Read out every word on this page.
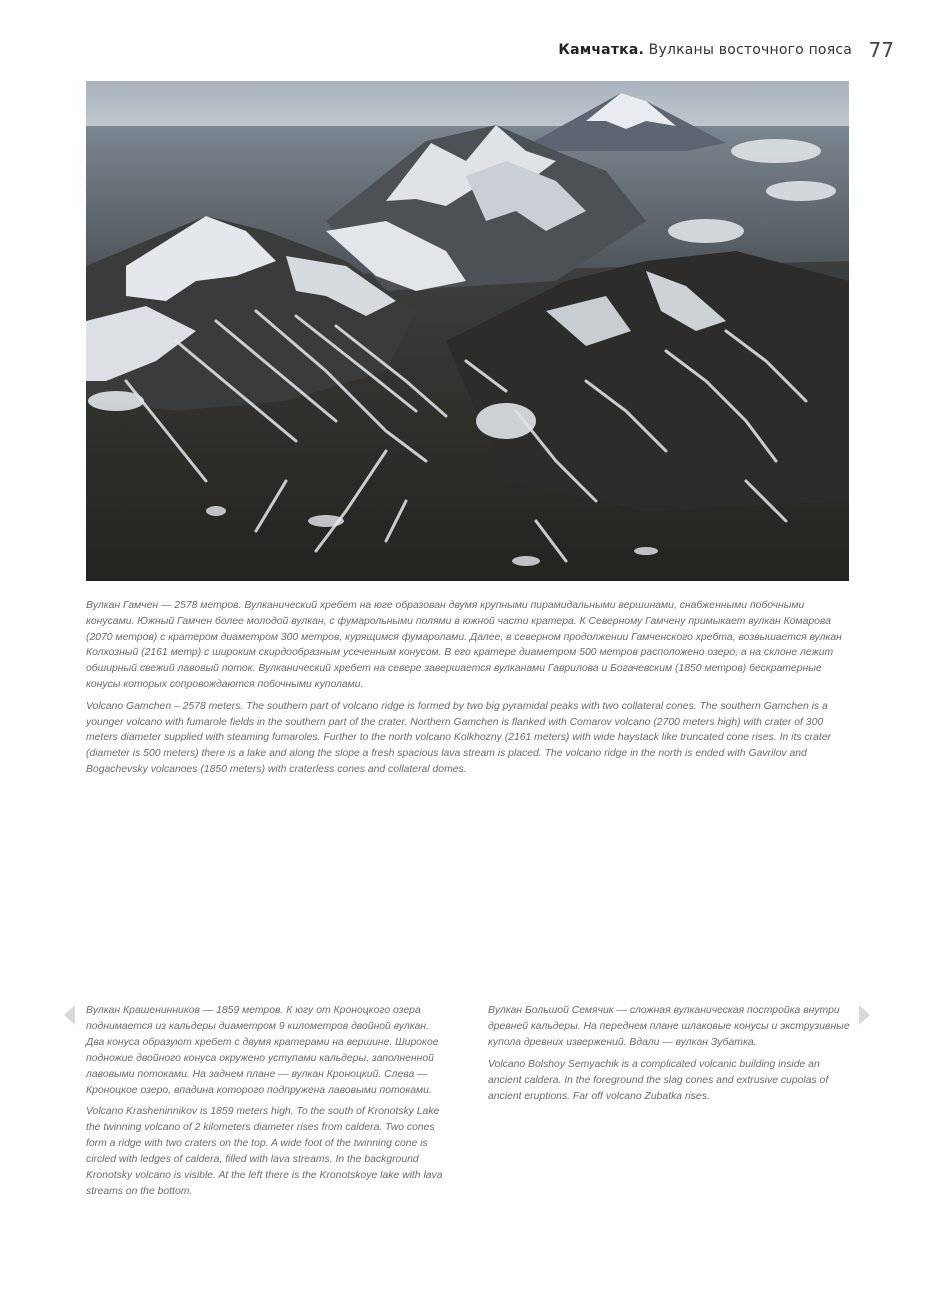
Камчатка. Вулканы восточного пояса 77

Вулкан Гамчен — 2578 метров. Вулканический хребет на юге образован двумя крупными пирамидальными вершинами, снабженными побочными конусами. Южный Гамчен более молодой вулкан, с фумарольными полями в южной части кратера. К Северному Гамчену примыкает вулкан Комарова (2070 метров) с кратером диаметром 300 метров, курящимся фумаролами. Далее, в северном продолжении Гамченского хребта, возвышается вулкан Колхозный (2161 метр) с широким скирдообразным усеченным конусом. В его кратере диаметром 500 метров расположено озеро, а на склоне лежит обширный свежий лавовый поток. Вулканический хребет на севере завершается вулканами Гаврилова и Богачевским (1850 метров) бескратерные конусы которых сопровождаются побочными куполами.

Volcano Gamchen – 2578 meters. The southern part of volcano ridge is formed by two big pyramidal peaks with two collateral cones. The southern Gamchen is a younger volcano with fumarole fields in the southern part of the crater. Northern Gamchen is flanked with Comarov volcano (2700 meters high) with crater of 300 meters diameter supplied with steaming fumaroles. Further to the north volcano Kolkhozny (2161 meters) with wide haystack like truncated cone rises. In its crater (diameter is 500 meters) there is a lake and along the slope a fresh spacious lava stream is placed. The volcano ridge in the north is ended with Gavrilov and Bogachevsky volcanoes (1850 meters) with craterless cones and collateral domes.

Вулкан Крашенинников — 1859 метров. К югу от Кроноцкого озера поднимается из кальдеры диаметром 9 километров двойной вулкан. Два конуса образуют хребет с двумя кратерами на вершине. Широкое подножие двойного конуса окружено уступами кальдеры, заполненной лавовыми потоками. На заднем плане — вулкан Кроноцкий. Слева — Кроноцкое озеро, впадина которого подпружена лавовыми потоками.

Volcano Krasheninnikov is 1859 meters high. To the south of Kronotsky Lake the twinning volcano of 2 kilometers diameter rises from caldera. Two cones form a ridge with two craters on the top. A wide foot of the twinning cone is circled with ledges of caldera, filled with lava streams. In the background Kronotsky volcano is visible. At the left there is the Kronotskoye lake with lava streams on the bottom.

Вулкан Большой Семячик — сложная вулканическая постройка внутри древней кальдеры. На переднем плане шлаковые конусы и экструзивные купола древних извержений. Вдали — вулкан Зубатка.

Volcano Bolshoy Semyachik is a complicated volcanic building inside an ancient caldera. In the foreground the slag cones and extrusive cupolas of ancient eruptions. Far off volcano Zubatka rises.
